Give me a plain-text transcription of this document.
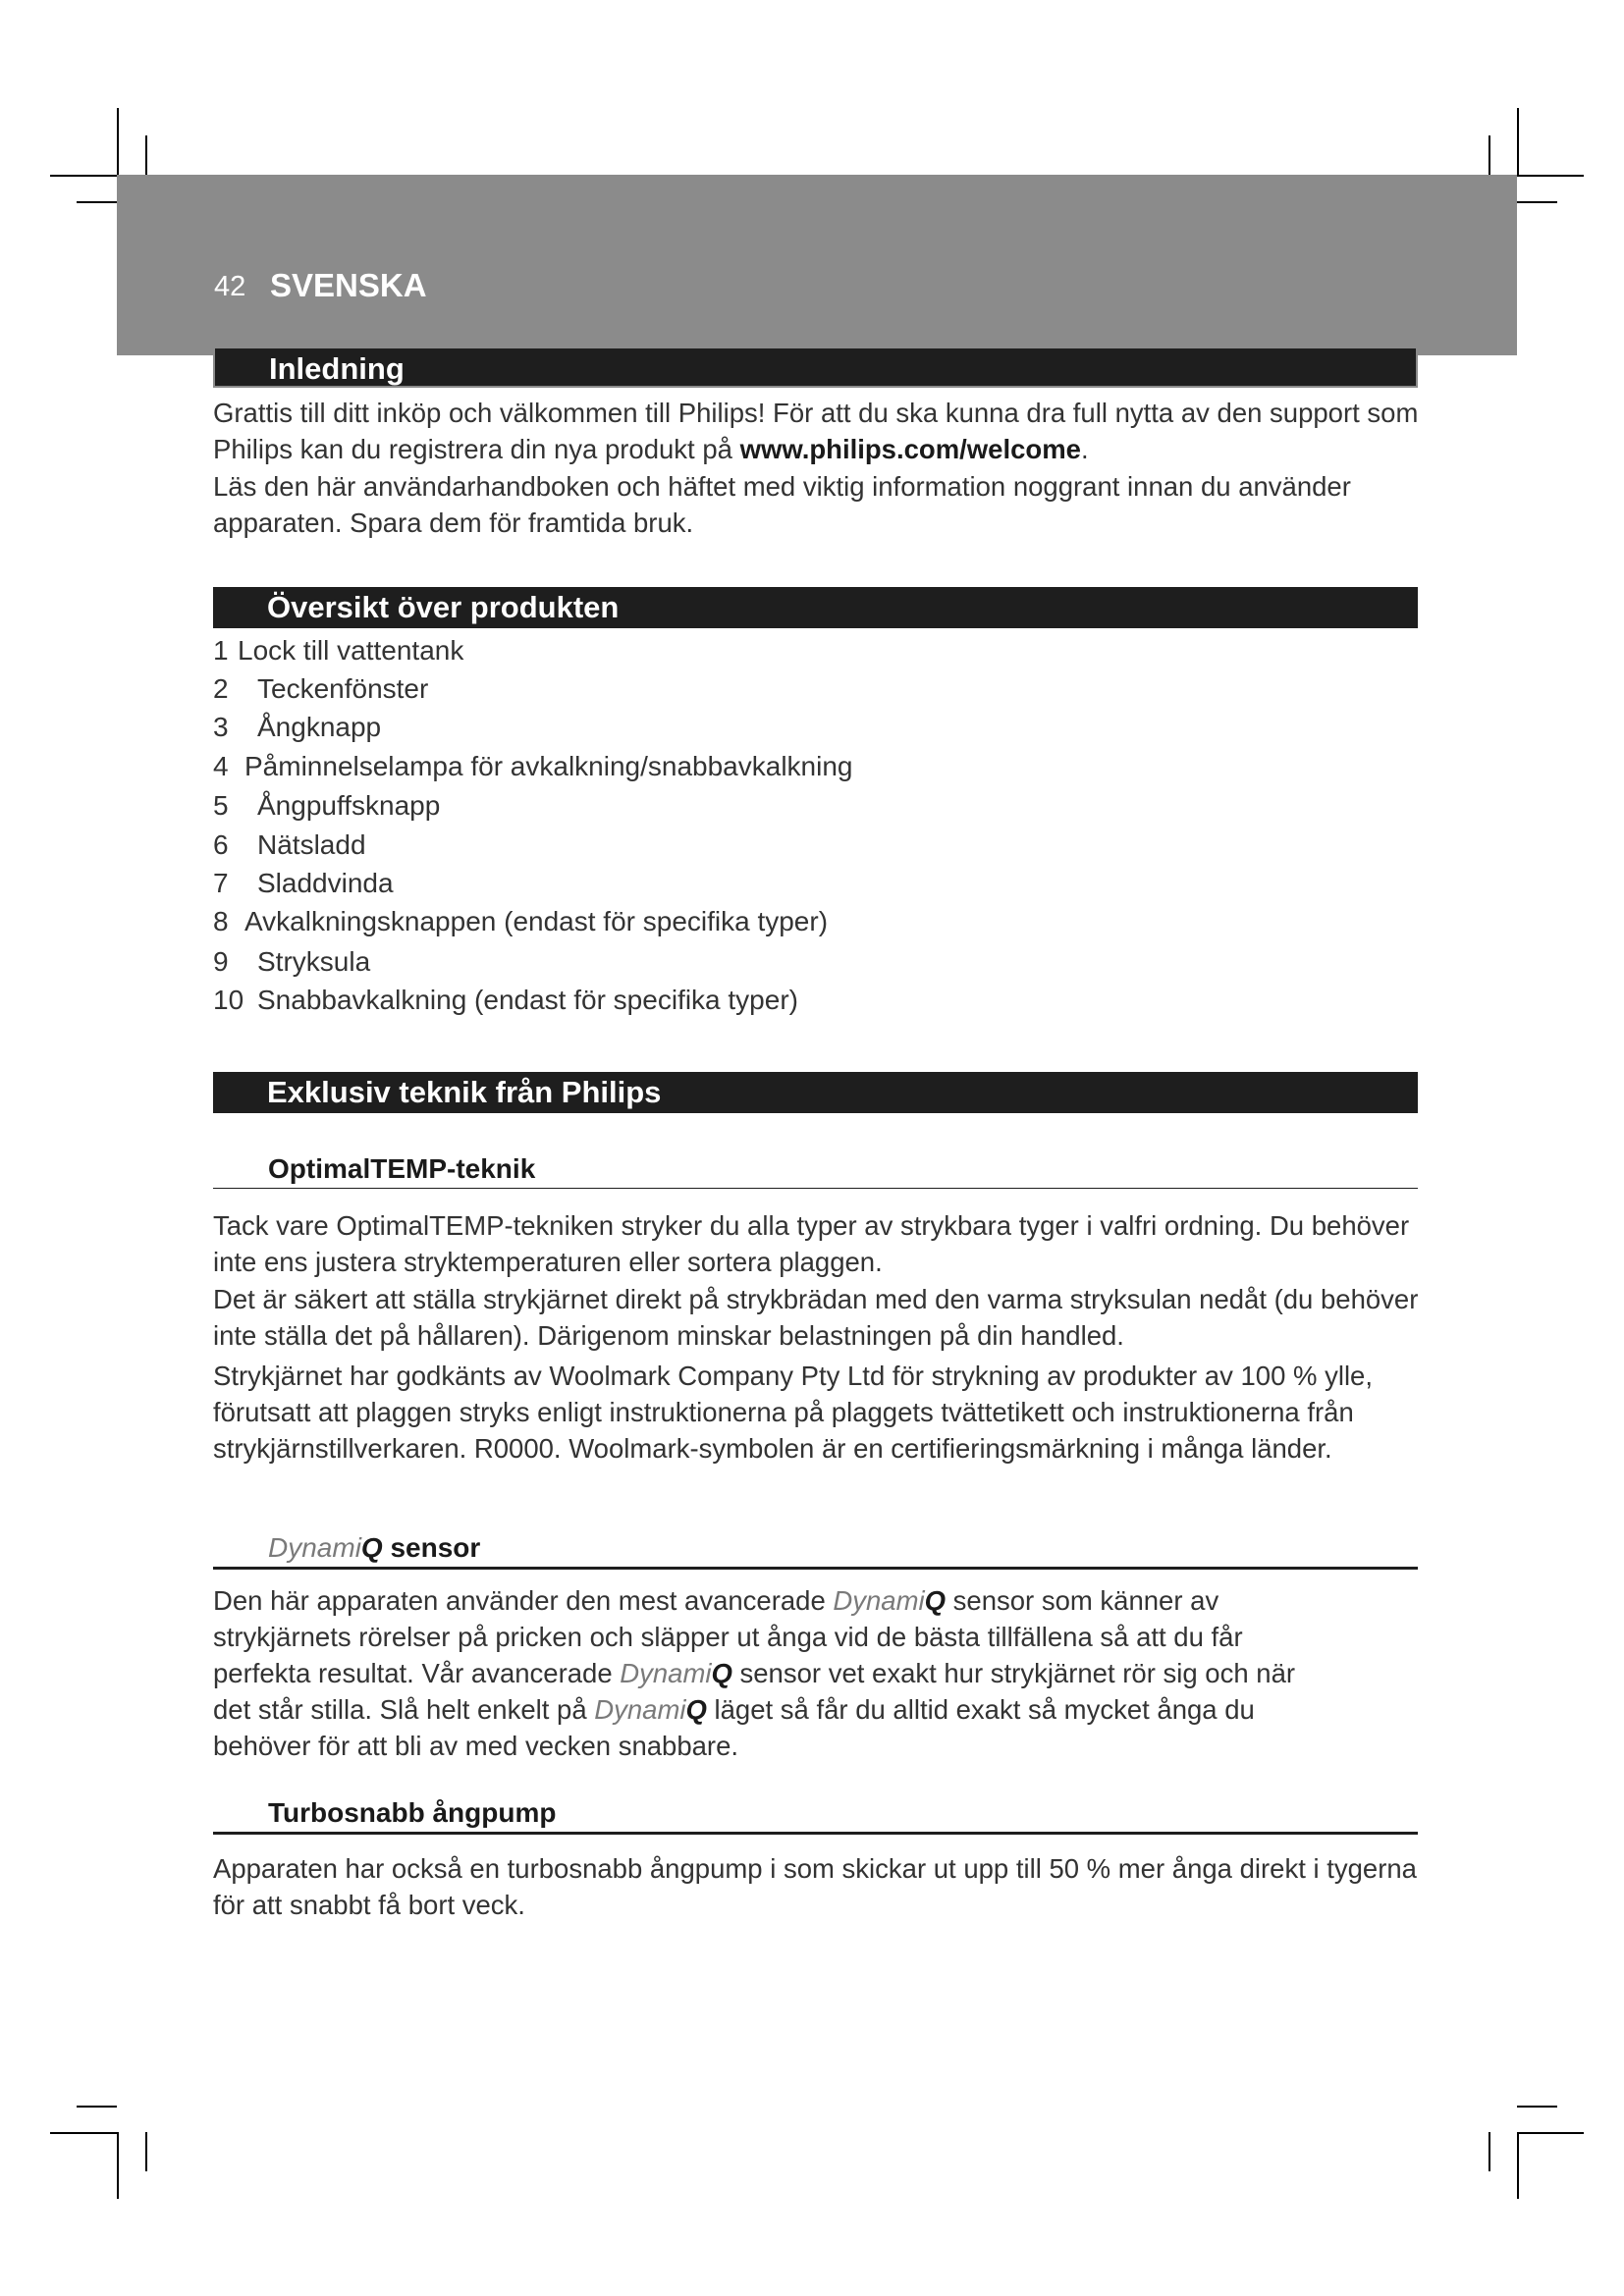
42 SVENSKA
Inledning

Grattis till ditt inköp och välkommen till Philips! För att du ska kunna dra full nytta av den support som Philips kan du registrera din nya produkt på www.philips.com/welcome.

Läs den här användarhandboken och häftet med viktig information noggrant innan du använder apparaten. Spara dem för framtida bruk.

Översikt över produkten
1 Lock till vattentank
2 Teckenfönster
3 Ångknapp
4 Påminnelselampa för avkalkning/snabbavkalkning
5 Ångpuffsknapp
6 Nätsladd
7 Sladdvinda
8 Avkalkningsknappen (endast för specifika typer)
9 Stryksula
10 Snabbavkalkning (endast för specifika typer)
Exklusiv teknik från Philips
OptimalTEMP-teknik

Tack vare OptimalTEMP-tekniken stryker du alla typer av strykbara tyger i valfri ordning. Du behöver inte ens justera stryktemperaturen eller sortera plaggen.

Det är säkert att ställa strykjärnet direkt på strykbrädan med den varma stryksulan nedåt (du behöver inte ställa det på hållaren). Därigenom minskar belastningen på din handled.

Strykjärnet har godkänts av Woolmark Company Pty Ltd för strykning av produkter av 100 % ylle, förutsatt att plaggen stryks enligt instruktionerna på plaggets tvättetikett och instruktionerna från strykjärnstillverkaren. R0000. Woolmark-symbolen är en certifieringsmärkning i många länder.

DynamiQ sensor
Den här apparaten använder den mest avancerade DynamiQ sensor som känner av
strykjärnets rörelser på pricken och släpper ut ånga vid de bästa tillfällena så att du får
perfekta resultat. Vår avancerade DynamiQ sensor vet exakt hur strykjärnet rör sig och när
det står stilla. Slå helt enkelt på DynamiQ läget så får du alltid exakt så mycket ånga du
behöver för att bli av med vecken snabbare.
Turbosnabb ångpump

Apparaten har också en turbosnabb ångpump i som skickar ut upp till 50 % mer ånga direkt i tygerna för att snabbt få bort veck.
